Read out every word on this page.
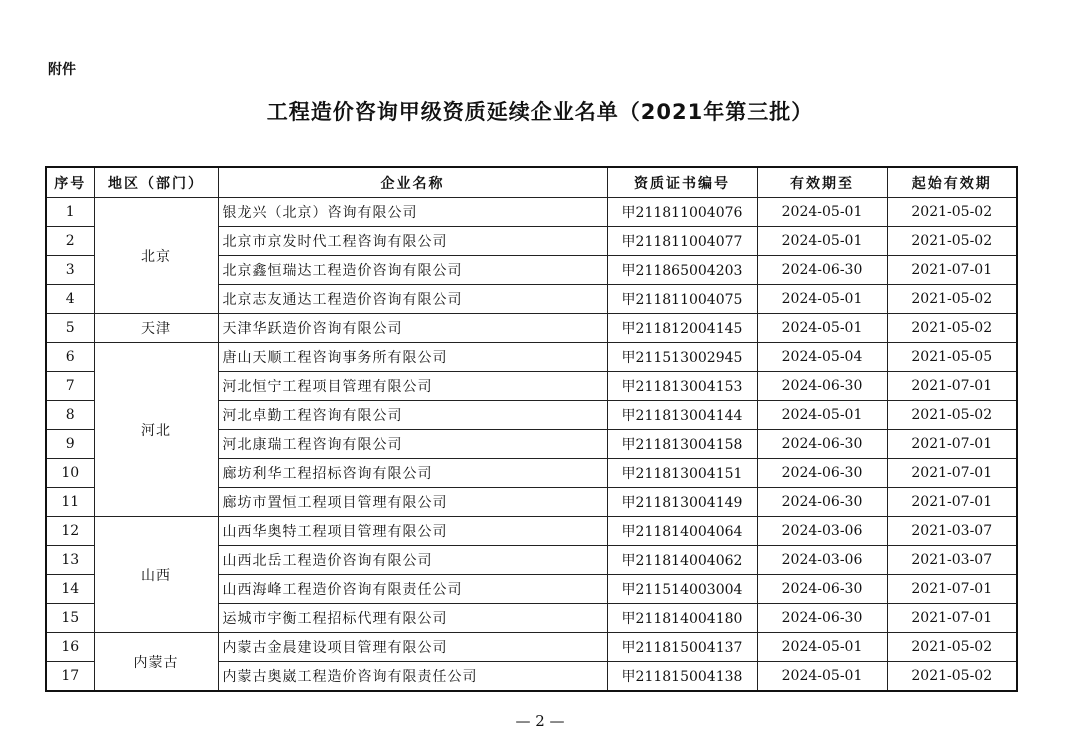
附件
工程造价咨询甲级资质延续企业名单（2021年第三批）
序号	地区（部门）	企业名称	资质证书编号	有效期至	起始有效期
1	北京	银龙兴（北京）咨询有限公司	甲211811004076	2024-05-01	2021-05-02
2		北京市京发时代工程咨询有限公司	甲211811004077	2024-05-01	2021-05-02
3		北京鑫恒瑞达工程造价咨询有限公司	甲211865004203	2024-06-30	2021-07-01
4		北京志友通达工程造价咨询有限公司	甲211811004075	2024-05-01	2021-05-02
5	天津	天津华跃造价咨询有限公司	甲211812004145	2024-05-01	2021-05-02
6	河北	唐山天顺工程咨询事务所有限公司	甲211513002945	2024-05-04	2021-05-05
7		河北恒宁工程项目管理有限公司	甲211813004153	2024-06-30	2021-07-01
8		河北卓勤工程咨询有限公司	甲211813004144	2024-05-01	2021-05-02
9		河北康瑞工程咨询有限公司	甲211813004158	2024-06-30	2021-07-01
10		廊坊利华工程招标咨询有限公司	甲211813004151	2024-06-30	2021-07-01
11		廊坊市置恒工程项目管理有限公司	甲211813004149	2024-06-30	2021-07-01
12	山西	山西华奥特工程项目管理有限公司	甲211814004064	2024-03-06	2021-03-07
13		山西北岳工程造价咨询有限公司	甲211814004062	2024-03-06	2021-03-07
14		山西海峰工程造价咨询有限责任公司	甲211514003004	2024-06-30	2021-07-01
15		运城市宇衡工程招标代理有限公司	甲211814004180	2024-06-30	2021-07-01
16	内蒙古	内蒙古金晨建设项目管理有限公司	甲211815004137	2024-05-01	2021-05-02
17		内蒙古奥崴工程造价咨询有限责任公司	甲211815004138	2024-05-01	2021-05-02
— 2 —
